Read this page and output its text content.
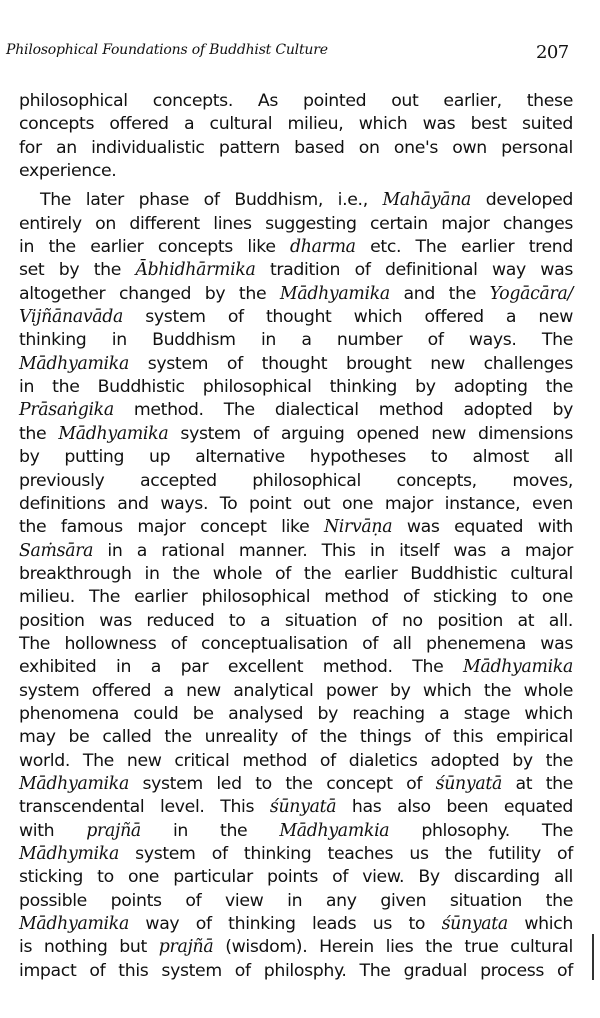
Philosophical Foundations of Buddhist Culture	207
philosophical concepts. As pointed out earlier, these
concepts offered a cultural milieu, which was best suited
for an individualistic pattern based on one's own personal
experience.
The later phase of Buddhism, i.e., Mahāyāna developed
entirely on different lines suggesting certain major changes
in the earlier concepts like dharma etc. The earlier trend
set by the Ābhidhārmika tradition of definitional way was
altogether changed by the Mādhyamika and the Yogācāra/
Vijñānavāda system of thought which offered a new
thinking in Buddhism in a number of ways. The
Mādhyamika system of thought brought new challenges
in the Buddhistic philosophical thinking by adopting the
Prāsaṅgika method. The dialectical method adopted by
the Mādhyamika system of arguing opened new dimensions
by putting up alternative hypotheses to almost all
previously accepted philosophical concepts, moves,
definitions and ways. To point out one major instance, even
the famous major concept like Nirvāṇa was equated with
Saṁsāra in a rational manner. This in itself was a major
breakthrough in the whole of the earlier Buddhistic cultural
milieu. The earlier philosophical method of sticking to one
position was reduced to a situation of no position at all.
The hollowness of conceptualisation of all phenemena was
exhibited in a par excellent method. The Mādhyamika
system offered a new analytical power by which the whole
phenomena could be analysed by reaching a stage which
may be called the unreality of the things of this empirical
world. The new critical method of dialetics adopted by the
Mādhyamika system led to the concept of śūnyatā at the
transcendental level. This śūnyatā has also been equated
with prajñā in the Mādhyamkia phlosophy. The
Mādhymika system of thinking teaches us the futility of
sticking to one particular points of view. By discarding all
possible points of view in any given situation the
Mādhyamika way of thinking leads us to śūnyata which
is nothing but prajñā (wisdom). Herein lies the true cultural
impact of this system of philosphy. The gradual process of
